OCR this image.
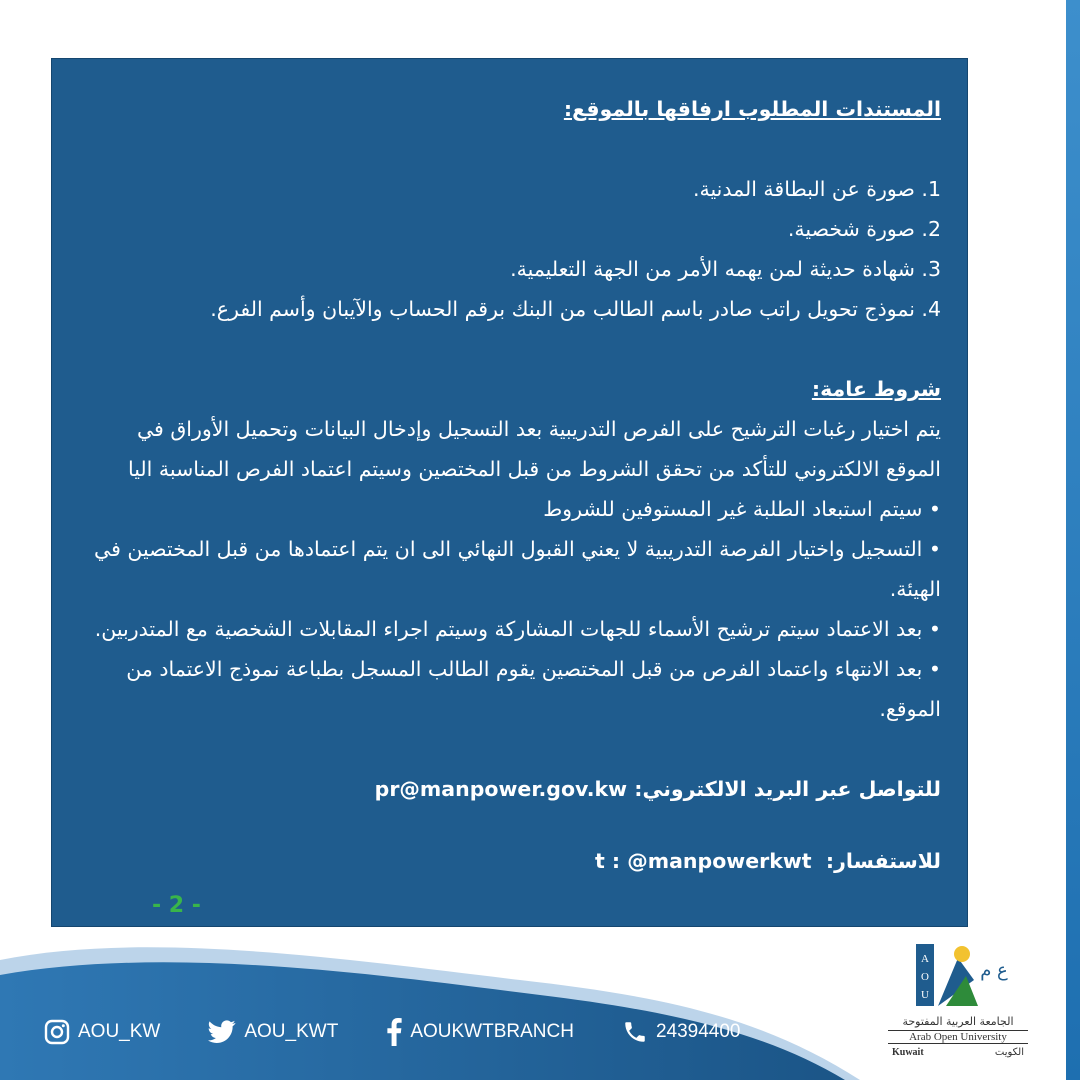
المستندات المطلوب ارفاقها بالموقع:

1. صورة عن البطاقة المدنية.

2. صورة شخصية.

3. شهادة حديثة لمن يهمه الأمر من الجهة التعليمية.

4. نموذج تحويل راتب صادر باسم الطالب من البنك برقم الحساب والآيبان وأسم الفرع.

شروط عامة:

يتم اختيار رغبات الترشيح على الفرص التدريبية بعد التسجيل وإدخال البيانات وتحميل الأوراق في الموقع الالكتروني للتأكد من تحقق الشروط من قبل المختصين وسيتم اعتماد الفرص المناسبة اليا

• سيتم استبعاد الطلبة غير المستوفين للشروط

• التسجيل واختيار الفرصة التدريبية لا يعني القبول النهائي الى ان يتم اعتمادها من قبل المختصين في الهيئة.

• بعد الاعتماد سيتم ترشيح الأسماء للجهات المشاركة وسيتم اجراء المقابلات الشخصية مع المتدربين.

• بعد الانتهاء واعتماد الفرص من قبل المختصين يقوم الطالب المسجل بطباعة نموذج الاعتماد من الموقع.

للتواصل عبر البريد الالكتروني: pr@manpower.gov.kw

للاستفسار:  t : @manpowerkwt

- 2 -
AOU_KW	AOU_KWT	AOUKWTBRANCH	24394400
A
O
U
ع م
الجامعة العربية المفتوحة
Arab Open University
Kuwait	الكويت
